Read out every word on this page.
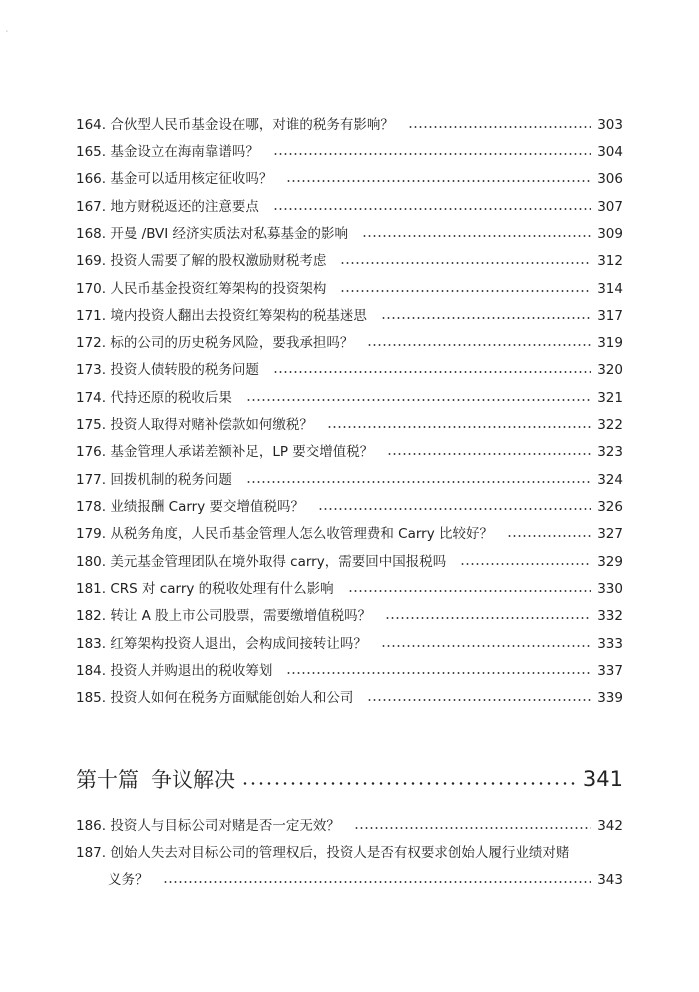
’
164. 合伙型人民币基金设在哪，对谁的税务有影响？	303
165. 基金设立在海南靠谱吗？	304
166. 基金可以适用核定征收吗？	306
167. 地方财税返还的注意要点	307
168. 开曼 /BVI 经济实质法对私募基金的影响	309
169. 投资人需要了解的股权激励财税考虑	312
170. 人民币基金投资红筹架构的投资架构	314
171. 境内投资人翻出去投资红筹架构的税基迷思	317
172. 标的公司的历史税务风险，要我承担吗？	319
173. 投资人债转股的税务问题	320
174. 代持还原的税收后果	321
175. 投资人取得对赌补偿款如何缴税？	322
176. 基金管理人承诺差额补足，LP 要交增值税？	323
177. 回拨机制的税务问题	324
178. 业绩报酬 Carry 要交增值税吗？	326
179. 从税务角度，人民币基金管理人怎么收管理费和 Carry 比较好？	327
180. 美元基金管理团队在境外取得 carry，需要回中国报税吗	329
181. CRS 对 carry 的税收处理有什么影响	330
182. 转让 A 股上市公司股票，需要缴增值税吗？	332
183. 红筹架构投资人退出，会构成间接转让吗？	333
184. 投资人并购退出的税收筹划	337
185. 投资人如何在税务方面赋能创始人和公司	339
第十篇 争议解决	341
186. 投资人与目标公司对赌是否一定无效？	342
187. 创始人失去对目标公司的管理权后，投资人是否有权要求创始人履行业绩对赌
义务？	343
